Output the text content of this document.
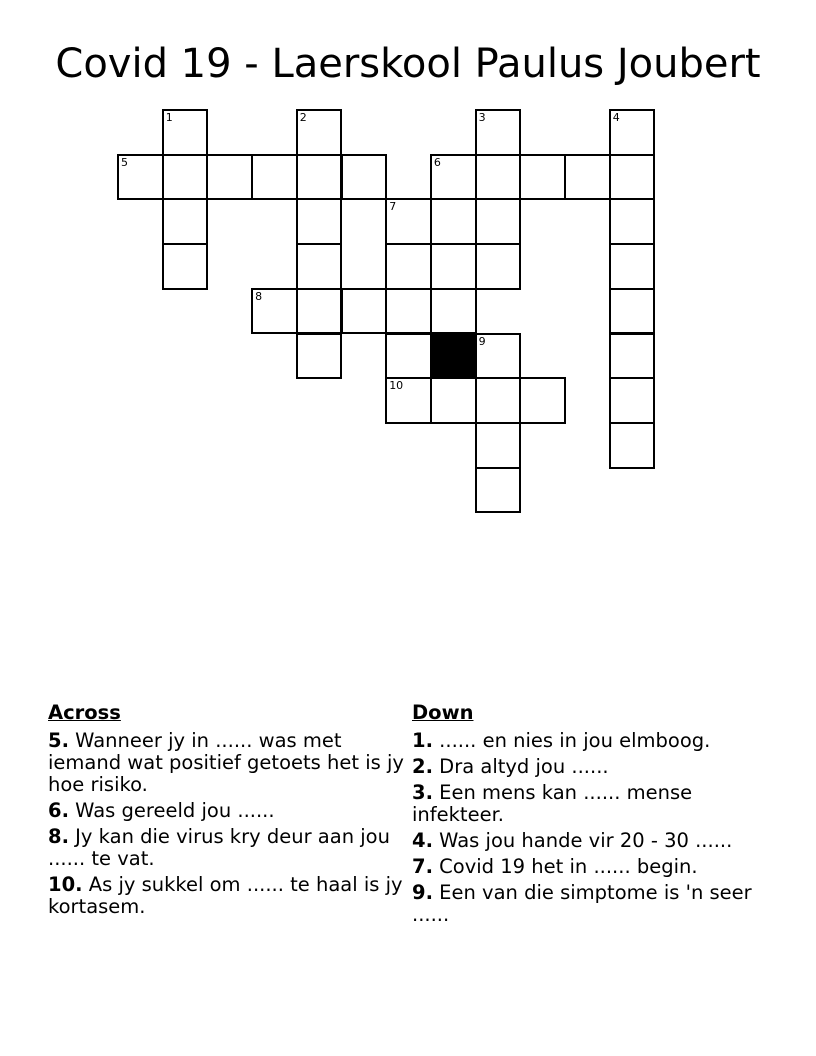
Covid 19 - Laerskool Paulus Joubert
1	2	3	4
5	6
7
8
9
10
Across
5. Wanneer jy in ...... was met iemand wat positief getoets het is jy hoe risiko.
6. Was gereeld jou ......
8. Jy kan die virus kry deur aan jou ...... te vat.
10. As jy sukkel om ...... te haal is jy kortasem.
Down
1. ...... en nies in jou elmboog.
2. Dra altyd jou ......
3. Een mens kan ...... mense infekteer.
4. Was jou hande vir 20 - 30 ......
7. Covid 19 het in ...... begin.
9. Een van die simptome is 'n seer ......
